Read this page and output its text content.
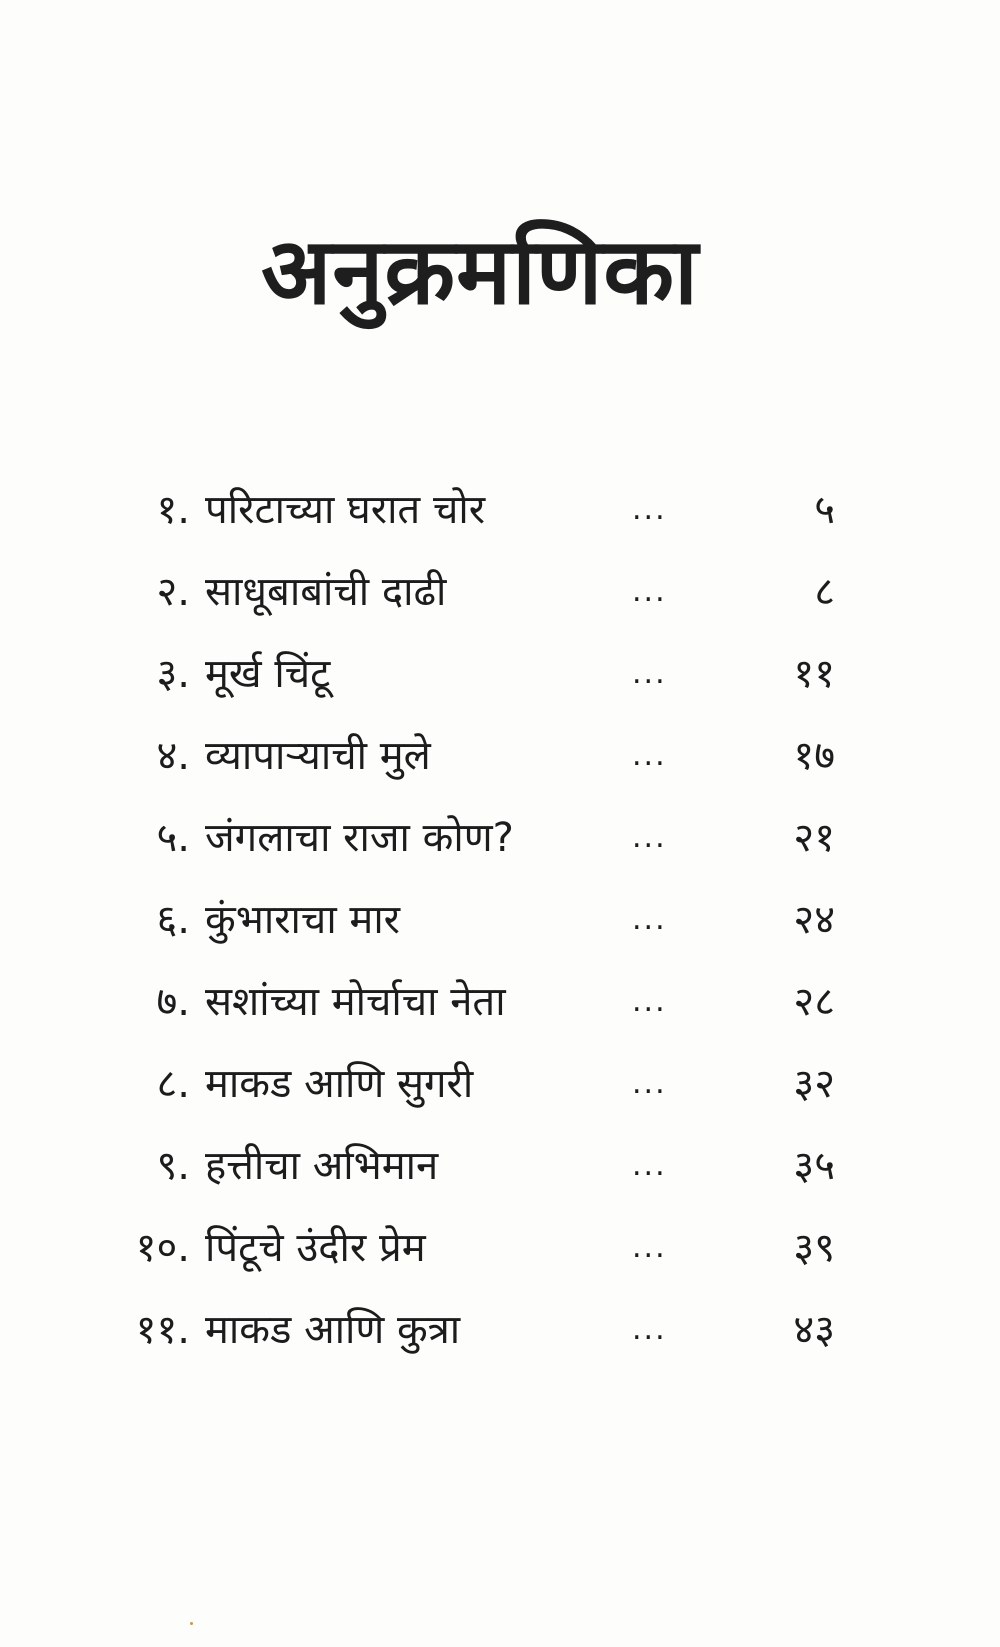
अनुक्रमणिका
१. परिटाच्या घरात चोर	...	५
२. साधूबाबांची दाढी	...	८
३. मूर्ख चिंटू	...	११
४. व्यापाऱ्याची मुले	...	१७
५. जंगलाचा राजा कोण?	...	२१
६. कुंभाराचा मार	...	२४
७. सशांच्या मोर्चाचा नेता	...	२८
८. माकड आणि सुगरी	...	३२
९. हत्तीचा अभिमान	...	३५
१०. पिंटूचे उंदीर प्रेम	...	३९
११. माकड आणि कुत्रा	...	४३
